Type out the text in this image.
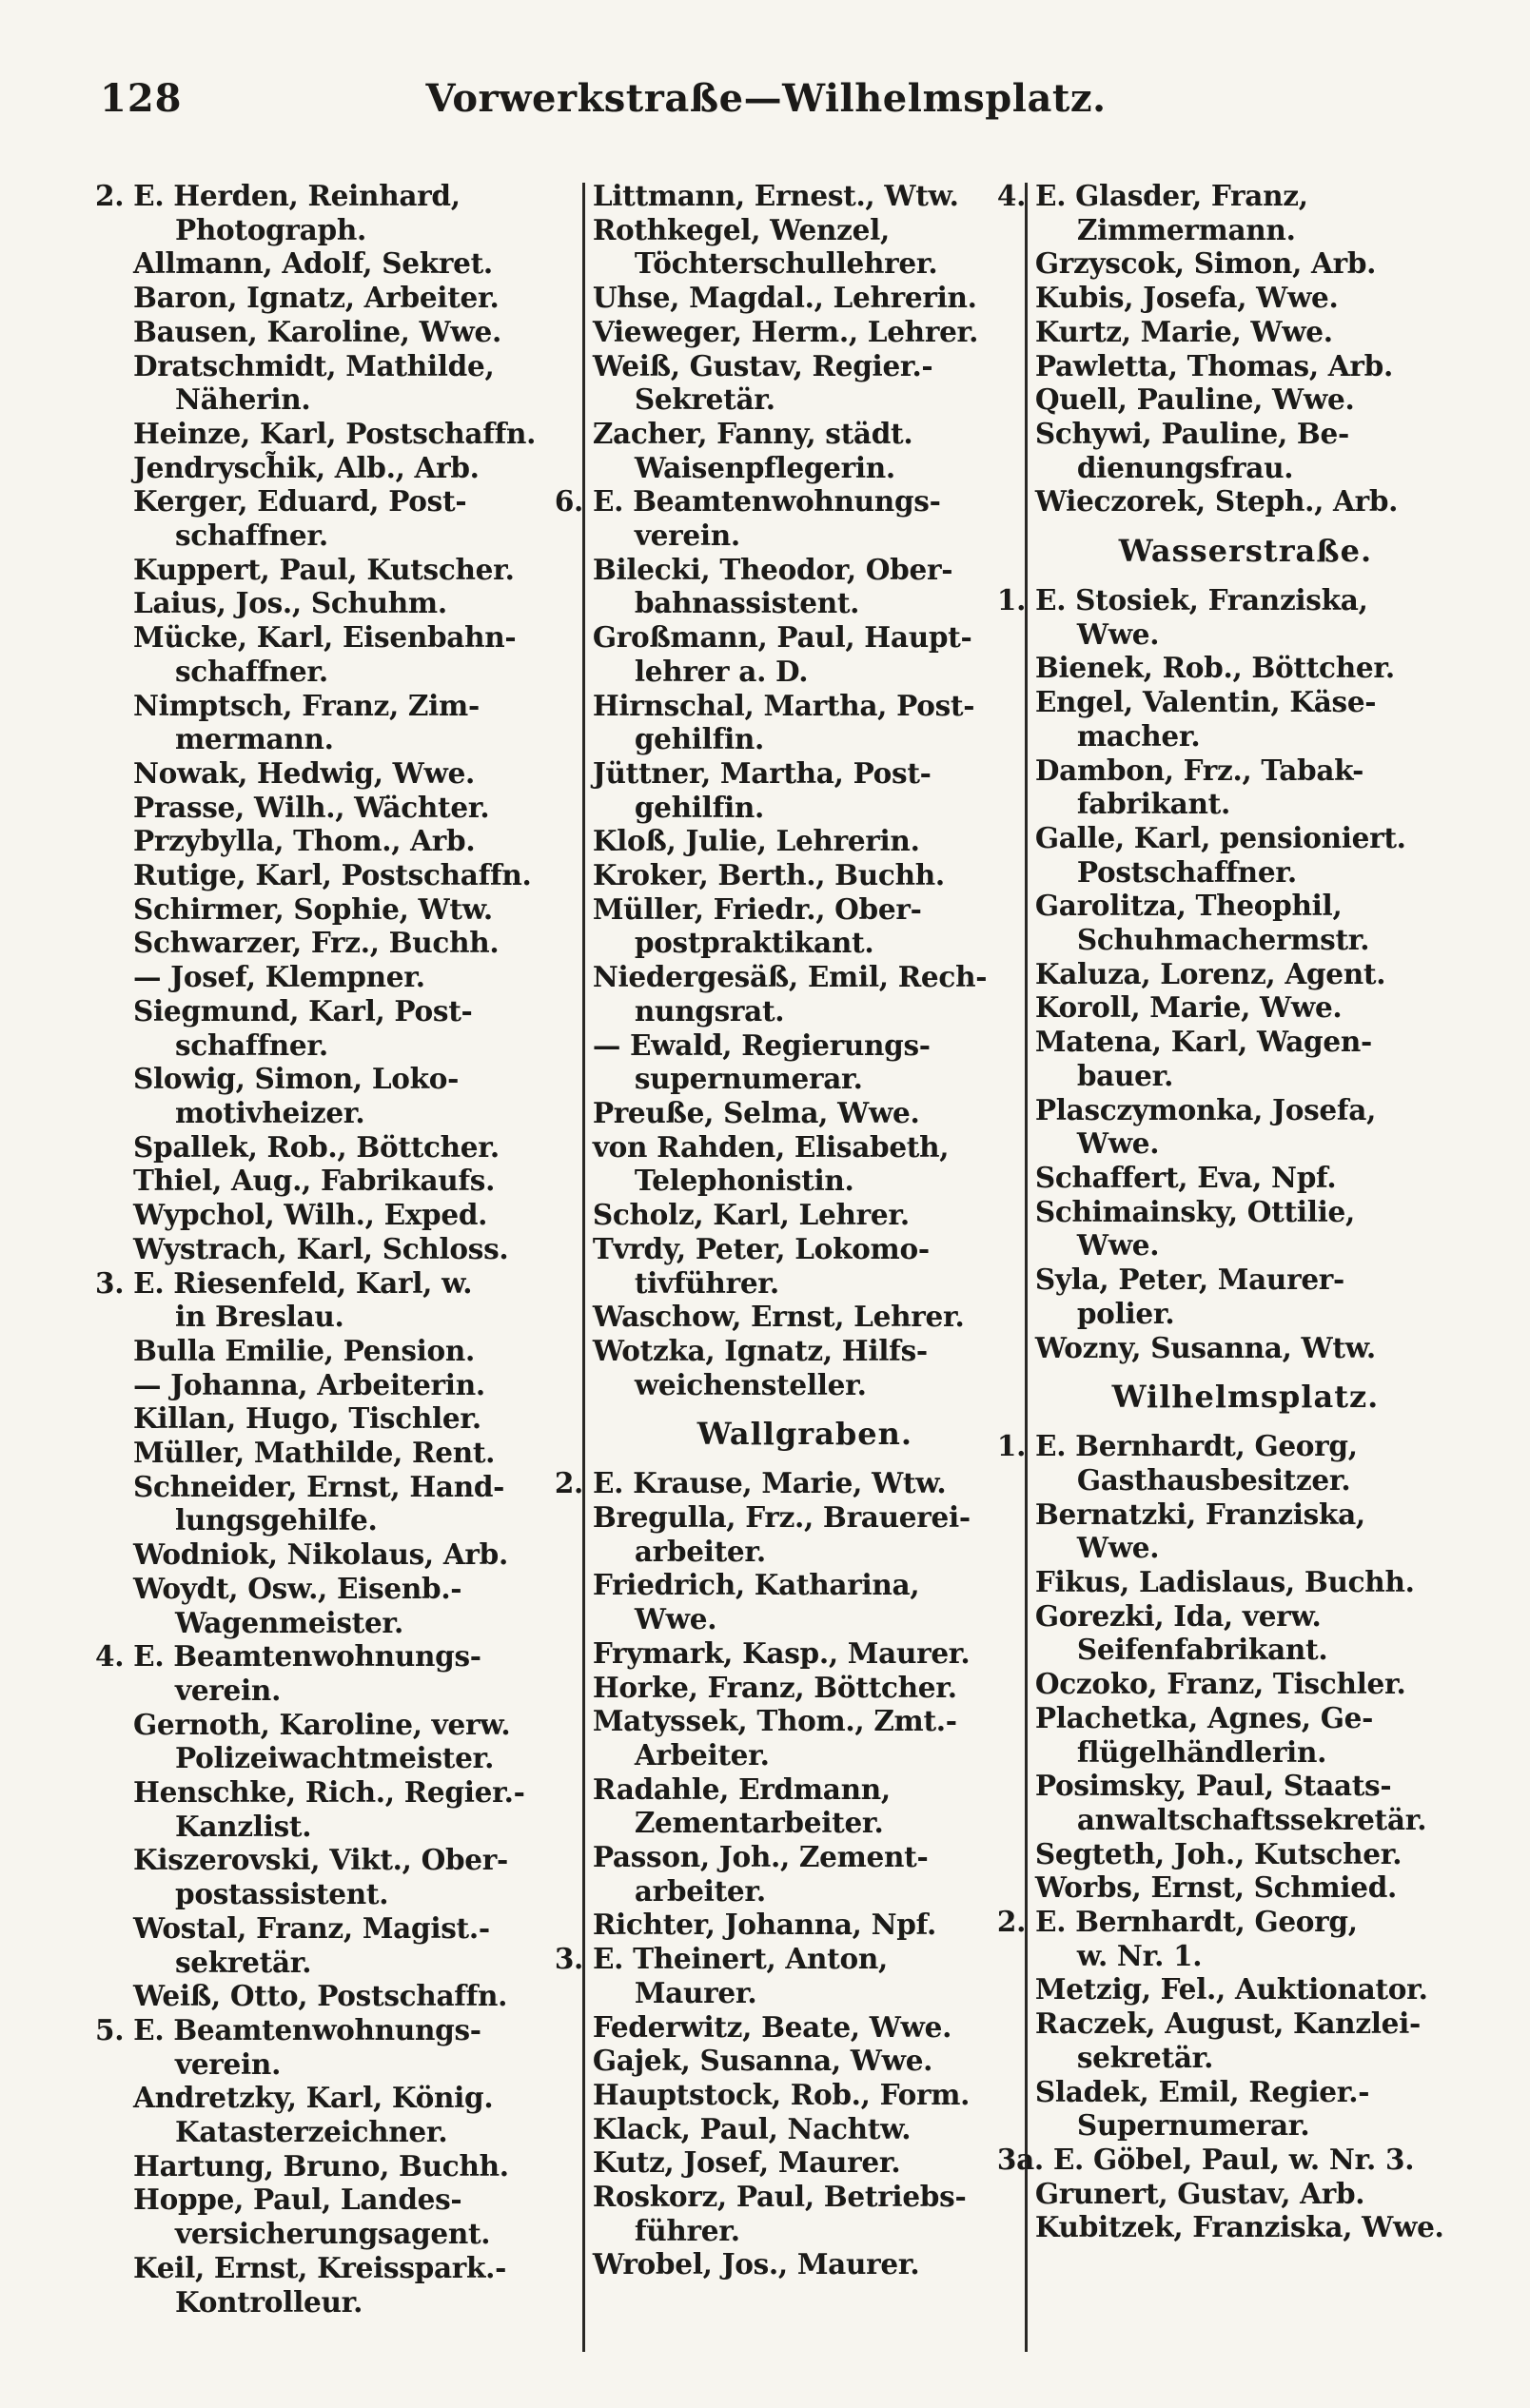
128	Vorwerkstraße—Wilhelmsplatz.
2. E. Herden, Reinhard,
Photograph.
Allmann, Adolf, Sekret.
Baron, Ignatz, Arbeiter.
Bausen, Karoline, Wwe.
Dratschmidt, Mathilde,
Näherin.
Heinze, Karl, Postschaffn.
Jendrysch̃ik, Alb., Arb.
Kerger, Eduard, Post-
schaffner.
Kuppert, Paul, Kutscher.
Laius, Jos., Schuhm.
Mücke, Karl, Eisenbahn-
schaffner.
Nimptsch, Franz, Zim-
mermann.
Nowak, Hedwig, Wwe.
Prasse, Wilh., Wächter.
Przybylla, Thom., Arb.
Rutige, Karl, Postschaffn.
Schirmer, Sophie, Wtw.
Schwarzer, Frz., Buchh.
— Josef, Klempner.
Siegmund, Karl, Post-
schaffner.
Slowig, Simon, Loko-
motivheizer.
Spallek, Rob., Böttcher.
Thiel, Aug., Fabrikaufs.
Wypchol, Wilh., Exped.
Wystrach, Karl, Schloss.
3. E. Riesenfeld, Karl, w.
in Breslau.
Bulla Emilie, Pension.
— Johanna, Arbeiterin.
Killan, Hugo, Tischler.
Müller, Mathilde, Rent.
Schneider, Ernst, Hand-
lungsgehilfe.
Wodniok, Nikolaus, Arb.
Woydt, Osw., Eisenb.-
Wagenmeister.
4. E. Beamtenwohnungs-
verein.
Gernoth, Karoline, verw.
Polizeiwachtmeister.
Henschke, Rich., Regier.-
Kanzlist.
Kiszerovski, Vikt., Ober-
postassistent.
Wostal, Franz, Magist.-
sekretär.
Weiß, Otto, Postschaffn.
5. E. Beamtenwohnungs-
verein.
Andretzky, Karl, König.
Katasterzeichner.
Hartung, Bruno, Buchh.
Hoppe, Paul, Landes-
versicherungsagent.
Keil, Ernst, Kreisspark.-
Kontrolleur.
Littmann, Ernest., Wtw.
Rothkegel, Wenzel,
Töchterschullehrer.
Uhse, Magdal., Lehrerin.
Vieweger, Herm., Lehrer.
Weiß, Gustav, Regier.-
Sekretär.
Zacher, Fanny, städt.
Waisenpflegerin.
6. E. Beamtenwohnungs-
verein.
Bilecki, Theodor, Ober-
bahnassistent.
Großmann, Paul, Haupt-
lehrer a. D.
Hirnschal, Martha, Post-
gehilfin.
Jüttner, Martha, Post-
gehilfin.
Kloß, Julie, Lehrerin.
Kroker, Berth., Buchh.
Müller, Friedr., Ober-
postpraktikant.
Niedergesäß, Emil, Rech-
nungsrat.
— Ewald, Regierungs-
supernumerar.
Preuße, Selma, Wwe.
von Rahden, Elisabeth,
Telephonistin.
Scholz, Karl, Lehrer.
Tvrdy, Peter, Lokomo-
tivführer.
Waschow, Ernst, Lehrer.
Wotzka, Ignatz, Hilfs-
weichensteller.
Wallgraben.
2. E. Krause, Marie, Wtw.
Bregulla, Frz., Brauerei-
arbeiter.
Friedrich, Katharina,
Wwe.
Frymark, Kasp., Maurer.
Horke, Franz, Böttcher.
Matyssek, Thom., Zmt.-
Arbeiter.
Radahle, Erdmann,
Zementarbeiter.
Passon, Joh., Zement-
arbeiter.
Richter, Johanna, Npf.
3. E. Theinert, Anton,
Maurer.
Federwitz, Beate, Wwe.
Gajek, Susanna, Wwe.
Hauptstock, Rob., Form.
Klack, Paul, Nachtw.
Kutz, Josef, Maurer.
Roskorz, Paul, Betriebs-
führer.
Wrobel, Jos., Maurer.
4. E. Glasder, Franz,
Zimmermann.
Grzyscok, Simon, Arb.
Kubis, Josefa, Wwe.
Kurtz, Marie, Wwe.
Pawletta, Thomas, Arb.
Quell, Pauline, Wwe.
Schywi, Pauline, Be-
dienungsfrau.
Wieczorek, Steph., Arb.
Wasserstraße.
1. E. Stosiek, Franziska,
Wwe.
Bienek, Rob., Böttcher.
Engel, Valentin, Käse-
macher.
Dambon, Frz., Tabak-
fabrikant.
Galle, Karl, pensioniert.
Postschaffner.
Garolitza, Theophil,
Schuhmachermstr.
Kaluza, Lorenz, Agent.
Koroll, Marie, Wwe.
Matena, Karl, Wagen-
bauer.
Plasczymonka, Josefa,
Wwe.
Schaffert, Eva, Npf.
Schimainsky, Ottilie,
Wwe.
Syla, Peter, Maurer-
polier.
Wozny, Susanna, Wtw.
Wilhelmsplatz.
1. E. Bernhardt, Georg,
Gasthausbesitzer.
Bernatzki, Franziska,
Wwe.
Fikus, Ladislaus, Buchh.
Gorezki, Ida, verw.
Seifenfabrikant.
Oczoko, Franz, Tischler.
Plachetka, Agnes, Ge-
flügelhändlerin.
Posimsky, Paul, Staats-
anwaltschaftssekretär.
Segteth, Joh., Kutscher.
Worbs, Ernst, Schmied.
2. E. Bernhardt, Georg,
w. Nr. 1.
Metzig, Fel., Auktionator.
Raczek, August, Kanzlei-
sekretär.
Sladek, Emil, Regier.-
Supernumerar.
3a. E. Göbel, Paul, w. Nr. 3.
Grunert, Gustav, Arb.
Kubitzek, Franziska, Wwe.
